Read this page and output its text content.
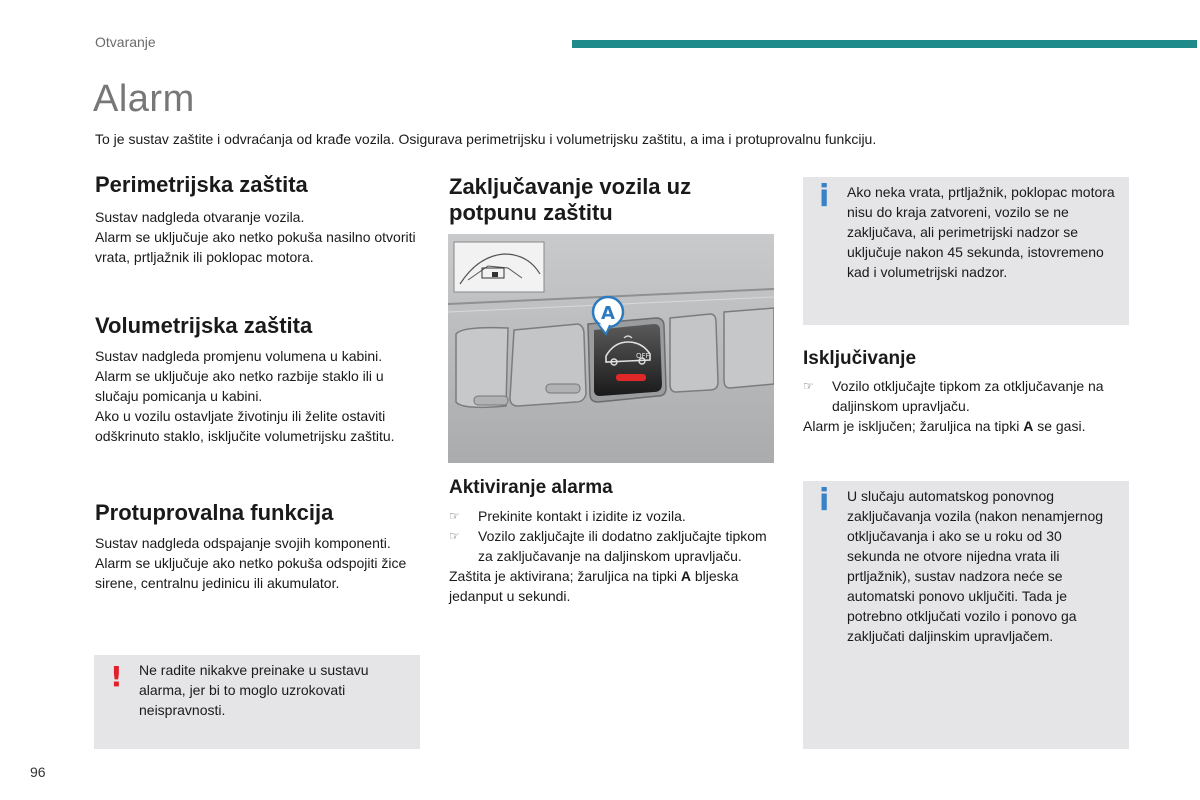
Otvaranje
Alarm
To je sustav zaštite i odvraćanja od krađe vozila. Osigurava perimetrijsku i volumetrijsku zaštitu, a ima i protuprovalnu funkciju.
Perimetrijska zaštita
Sustav nadgleda otvaranje vozila.
Alarm se uključuje ako netko pokuša nasilno otvoriti vrata, prtljažnik ili poklopac motora.
Volumetrijska zaštita
Sustav nadgleda promjenu volumena u kabini.
Alarm se uključuje ako netko razbije staklo ili u slučaju pomicanja u kabini.
Ako u vozilu ostavljate životinju ili želite ostaviti odškrinuto staklo, isključite volumetrijsku zaštitu.
Protuprovalna funkcija
Sustav nadgleda odspajanje svojih komponenti.
Alarm se uključuje ako netko pokuša odspojiti žice sirene, centralnu jedinicu ili akumulator.
! Ne radite nikakve preinake u sustavu alarma, jer bi to moglo uzrokovati neispravnosti.
Zaključavanje vozila uz potpunu zaštitu
OFF
A
Aktiviranje alarma
☞ Prekinite kontakt i izidite iz vozila.
☞ Vozilo zaključajte ili dodatno zaključajte tipkom za zaključavanje na daljinskom upravljaču.
Zaštita je aktivirana; žaruljica na tipki A bljeska jedanput u sekundi.
i Ako neka vrata, prtljažnik, poklopac motora nisu do kraja zatvoreni, vozilo se ne zaključava, ali perimetrijski nadzor se uključuje nakon 45 sekunda, istovremeno kad i volumetrijski nadzor.
Isključivanje
☞ Vozilo otključajte tipkom za otključavanje na daljinskom upravljaču.
Alarm je isključen; žaruljica na tipki A se gasi.
i U slučaju automatskog ponovnog zaključavanja vozila (nakon nenamjernog otključavanja i ako se u roku od 30 sekunda ne otvore nijedna vrata ili prtljažnik), sustav nadzora neće se automatski ponovo uključiti. Tada je potrebno otključati vozilo i ponovo ga zaključati daljinskim upravljačem.
96
